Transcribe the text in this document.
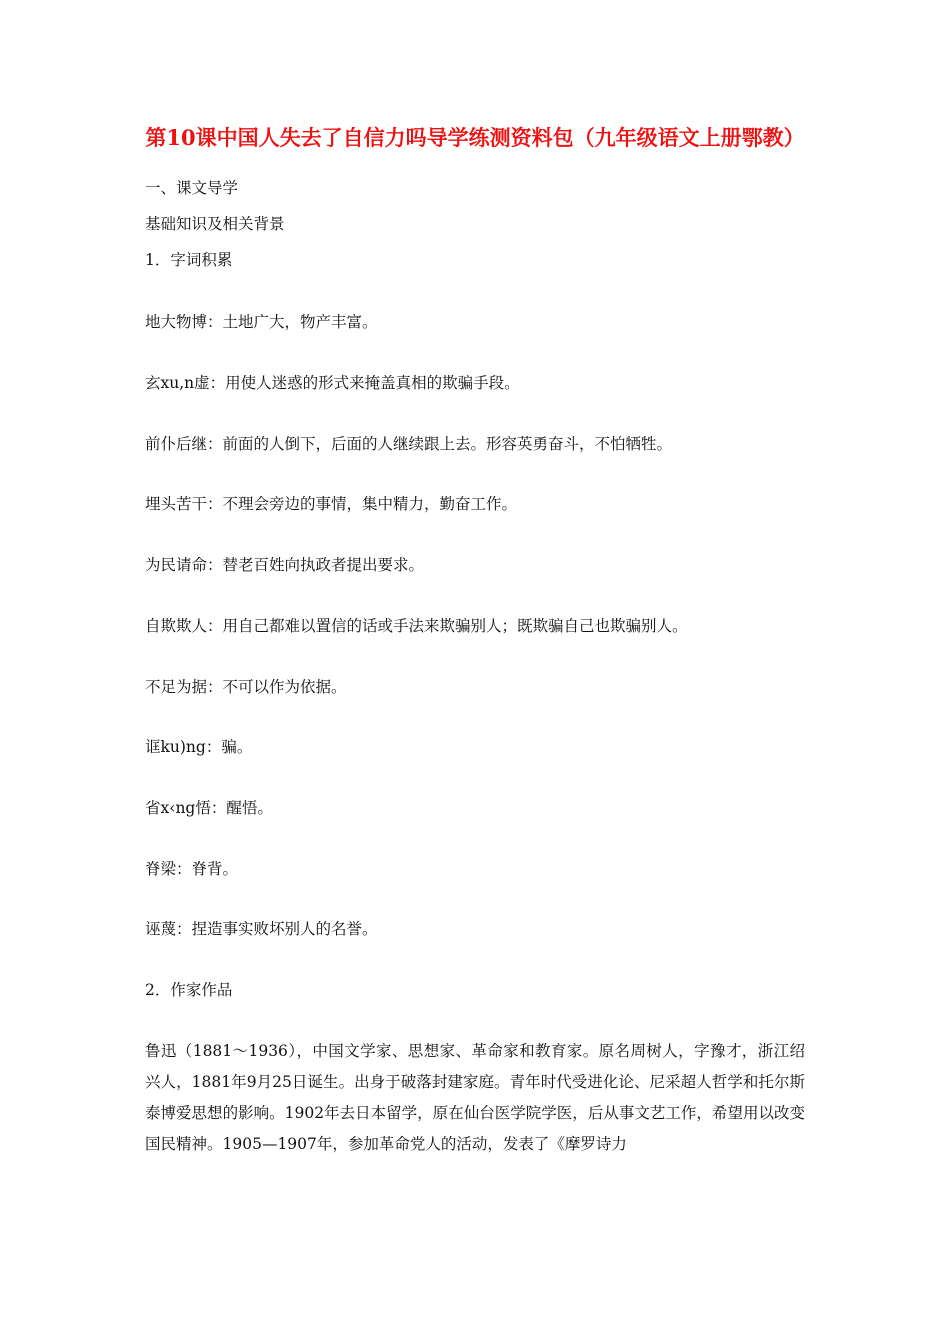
第10课中国人失去了自信力吗导学练测资料包（九年级语文上册鄂教）
一、课文导学
基础知识及相关背景
1．字词积累
地大物博：土地广大，物产丰富。
玄xu,n虚：用使人迷惑的形式来掩盖真相的欺骗手段。
前仆后继：前面的人倒下，后面的人继续跟上去。形容英勇奋斗，不怕牺牲。
埋头苦干：不理会旁边的事情，集中精力，勤奋工作。
为民请命：替老百姓向执政者提出要求。
自欺欺人：用自己都难以置信的话或手法来欺骗别人；既欺骗自己也欺骗别人。
不足为据：不可以作为依据。
诓ku)ng：骗。
省x‹ng悟：醒悟。
脊梁：脊背。
诬蔑：捏造事实败坏别人的名誉。
2．作家作品
鲁迅（1881～1936），中国文学家、思想家、革命家和教育家。原名周树人，字豫才，浙江绍兴人，1881年9月25日诞生。出身于破落封建家庭。青年时代受进化论、尼采超人哲学和托尔斯泰博爱思想的影响。1902年去日本留学，原在仙台医学院学医，后从事文艺工作，希望用以改变国民精神。1905—1907年，参加革命党人的活动，发表了《摩罗诗力
